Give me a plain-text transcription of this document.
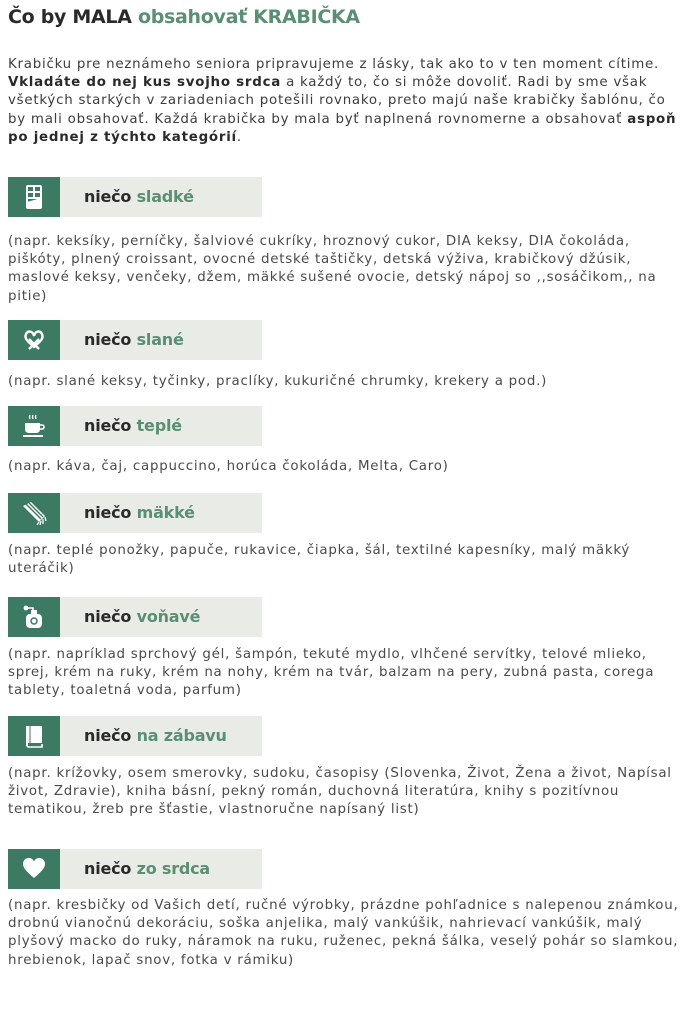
Čo by MALA obsahovať KRABIČKA

Krabičku pre neznámeho seniora pripravujeme z lásky, tak ako to v ten moment cítime. Vkladáte do nej kus svojho srdca a každý to, čo si môže dovoliť. Radi by sme však všetkých starkých v zariadeniach potešili rovnako, preto majú naše krabičky šablónu, čo by mali obsahovať. Každá krabička by mala byť naplnená rovnomerne a obsahovať aspoň po jednej z týchto kategórií.

niečo sladké

(napr. keksíky, perníčky, šalviové cukríky, hroznový cukor, DIA keksy, DIA čokoláda, piškóty, plnený croissant, ovocné detské taštičky, detská výživa, krabičkový džúsik, maslové keksy, venčeky, džem, mäkké sušené ovocie, detský nápoj so ,,sosáčikom,, na pitie)

niečo slané

(napr. slané keksy, tyčinky, praclíky, kukuričné chrumky, krekery a pod.)

niečo teplé

(napr. káva, čaj, cappuccino, horúca čokoláda, Melta, Caro)

niečo mäkké

(napr. teplé ponožky, papuče, rukavice, čiapka, šál, textilné kapesníky, malý mäkký uteráčik)

niečo voňavé

(napr. napríklad sprchový gél, šampón, tekuté mydlo, vlhčené servítky, telové mlieko, sprej, krém na ruky, krém na nohy, krém na tvár, balzam na pery, zubná pasta, corega tablety, toaletná voda, parfum)

niečo na zábavu

(napr. krížovky, osem smerovky, sudoku, časopisy (Slovenka, Život, Žena a život, Napísal život, Zdravie), kniha básní, pekný román, duchovná literatúra, knihy s pozitívnou tematikou, žreb pre šťastie, vlastnoručne napísaný list)

niečo zo srdca

(napr. kresbičky od Vašich detí, ručné výrobky, prázdne pohľadnice s nalepenou známkou, drobnú vianočnú dekoráciu, soška anjelika, malý vankúšik, nahrievací vankúšik, malý plyšový macko do ruky, náramok na ruku, ruženec, pekná šálka, veselý pohár so slamkou, hrebienok, lapač snov, fotka v rámiku)
